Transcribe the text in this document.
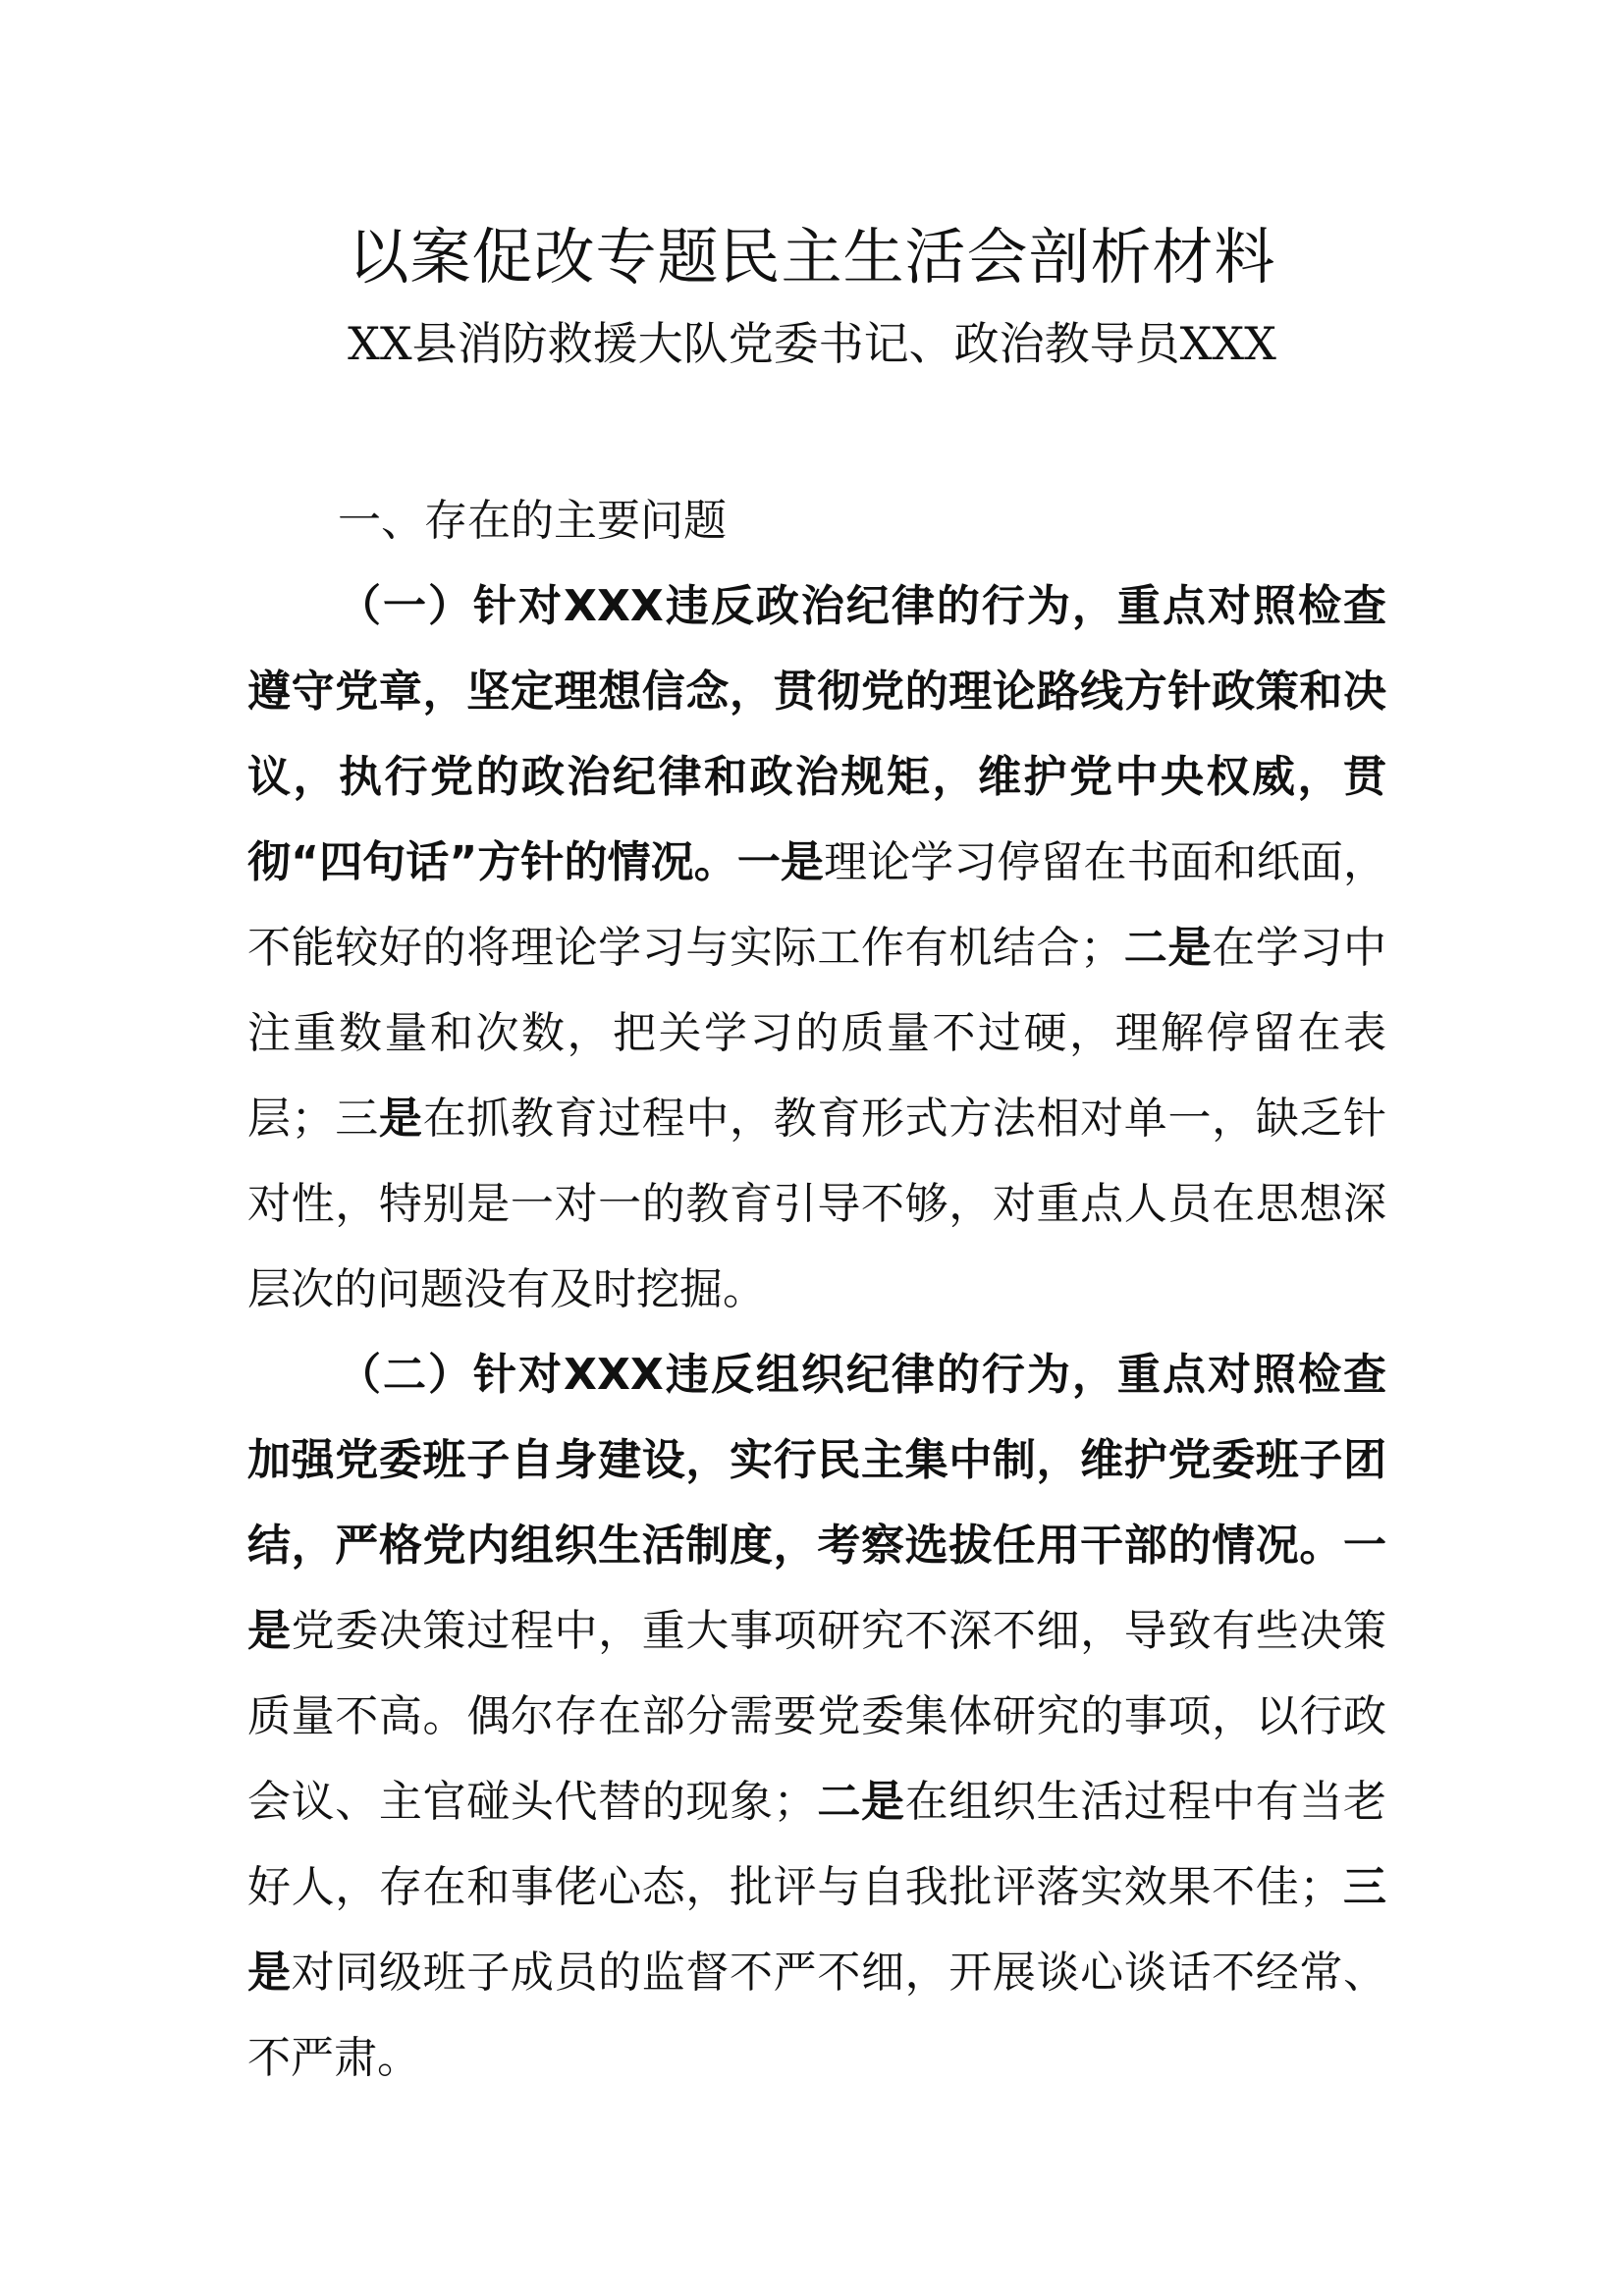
以案促改专题民主生活会剖析材料
XX县消防救援大队党委书记、政治教导员XXX

一、存在的主要问题

（一）针对XXX违反政治纪律的行为，重点对照检查遵守党章，坚定理想信念，贯彻党的理论路线方针政策和决议，执行党的政治纪律和政治规矩，维护党中央权威，贯彻“四句话”方针的情况。一是理论学习停留在书面和纸面，不能较好的将理论学习与实际工作有机结合；二是在学习中注重数量和次数，把关学习的质量不过硬，理解停留在表层；三是在抓教育过程中，教育形式方法相对单一，缺乏针对性，特别是一对一的教育引导不够，对重点人员在思想深层次的问题没有及时挖掘。

（二）针对XXX违反组织纪律的行为，重点对照检查加强党委班子自身建设，实行民主集中制，维护党委班子团结，严格党内组织生活制度，考察选拔任用干部的情况。一是党委决策过程中，重大事项研究不深不细，导致有些决策质量不高。偶尔存在部分需要党委集体研究的事项，以行政会议、主官碰头代替的现象；二是在组织生活过程中有当老好人，存在和事佬心态，批评与自我批评落实效果不佳；三是对同级班子成员的监督不严不细，开展谈心谈话不经常、不严肃。
